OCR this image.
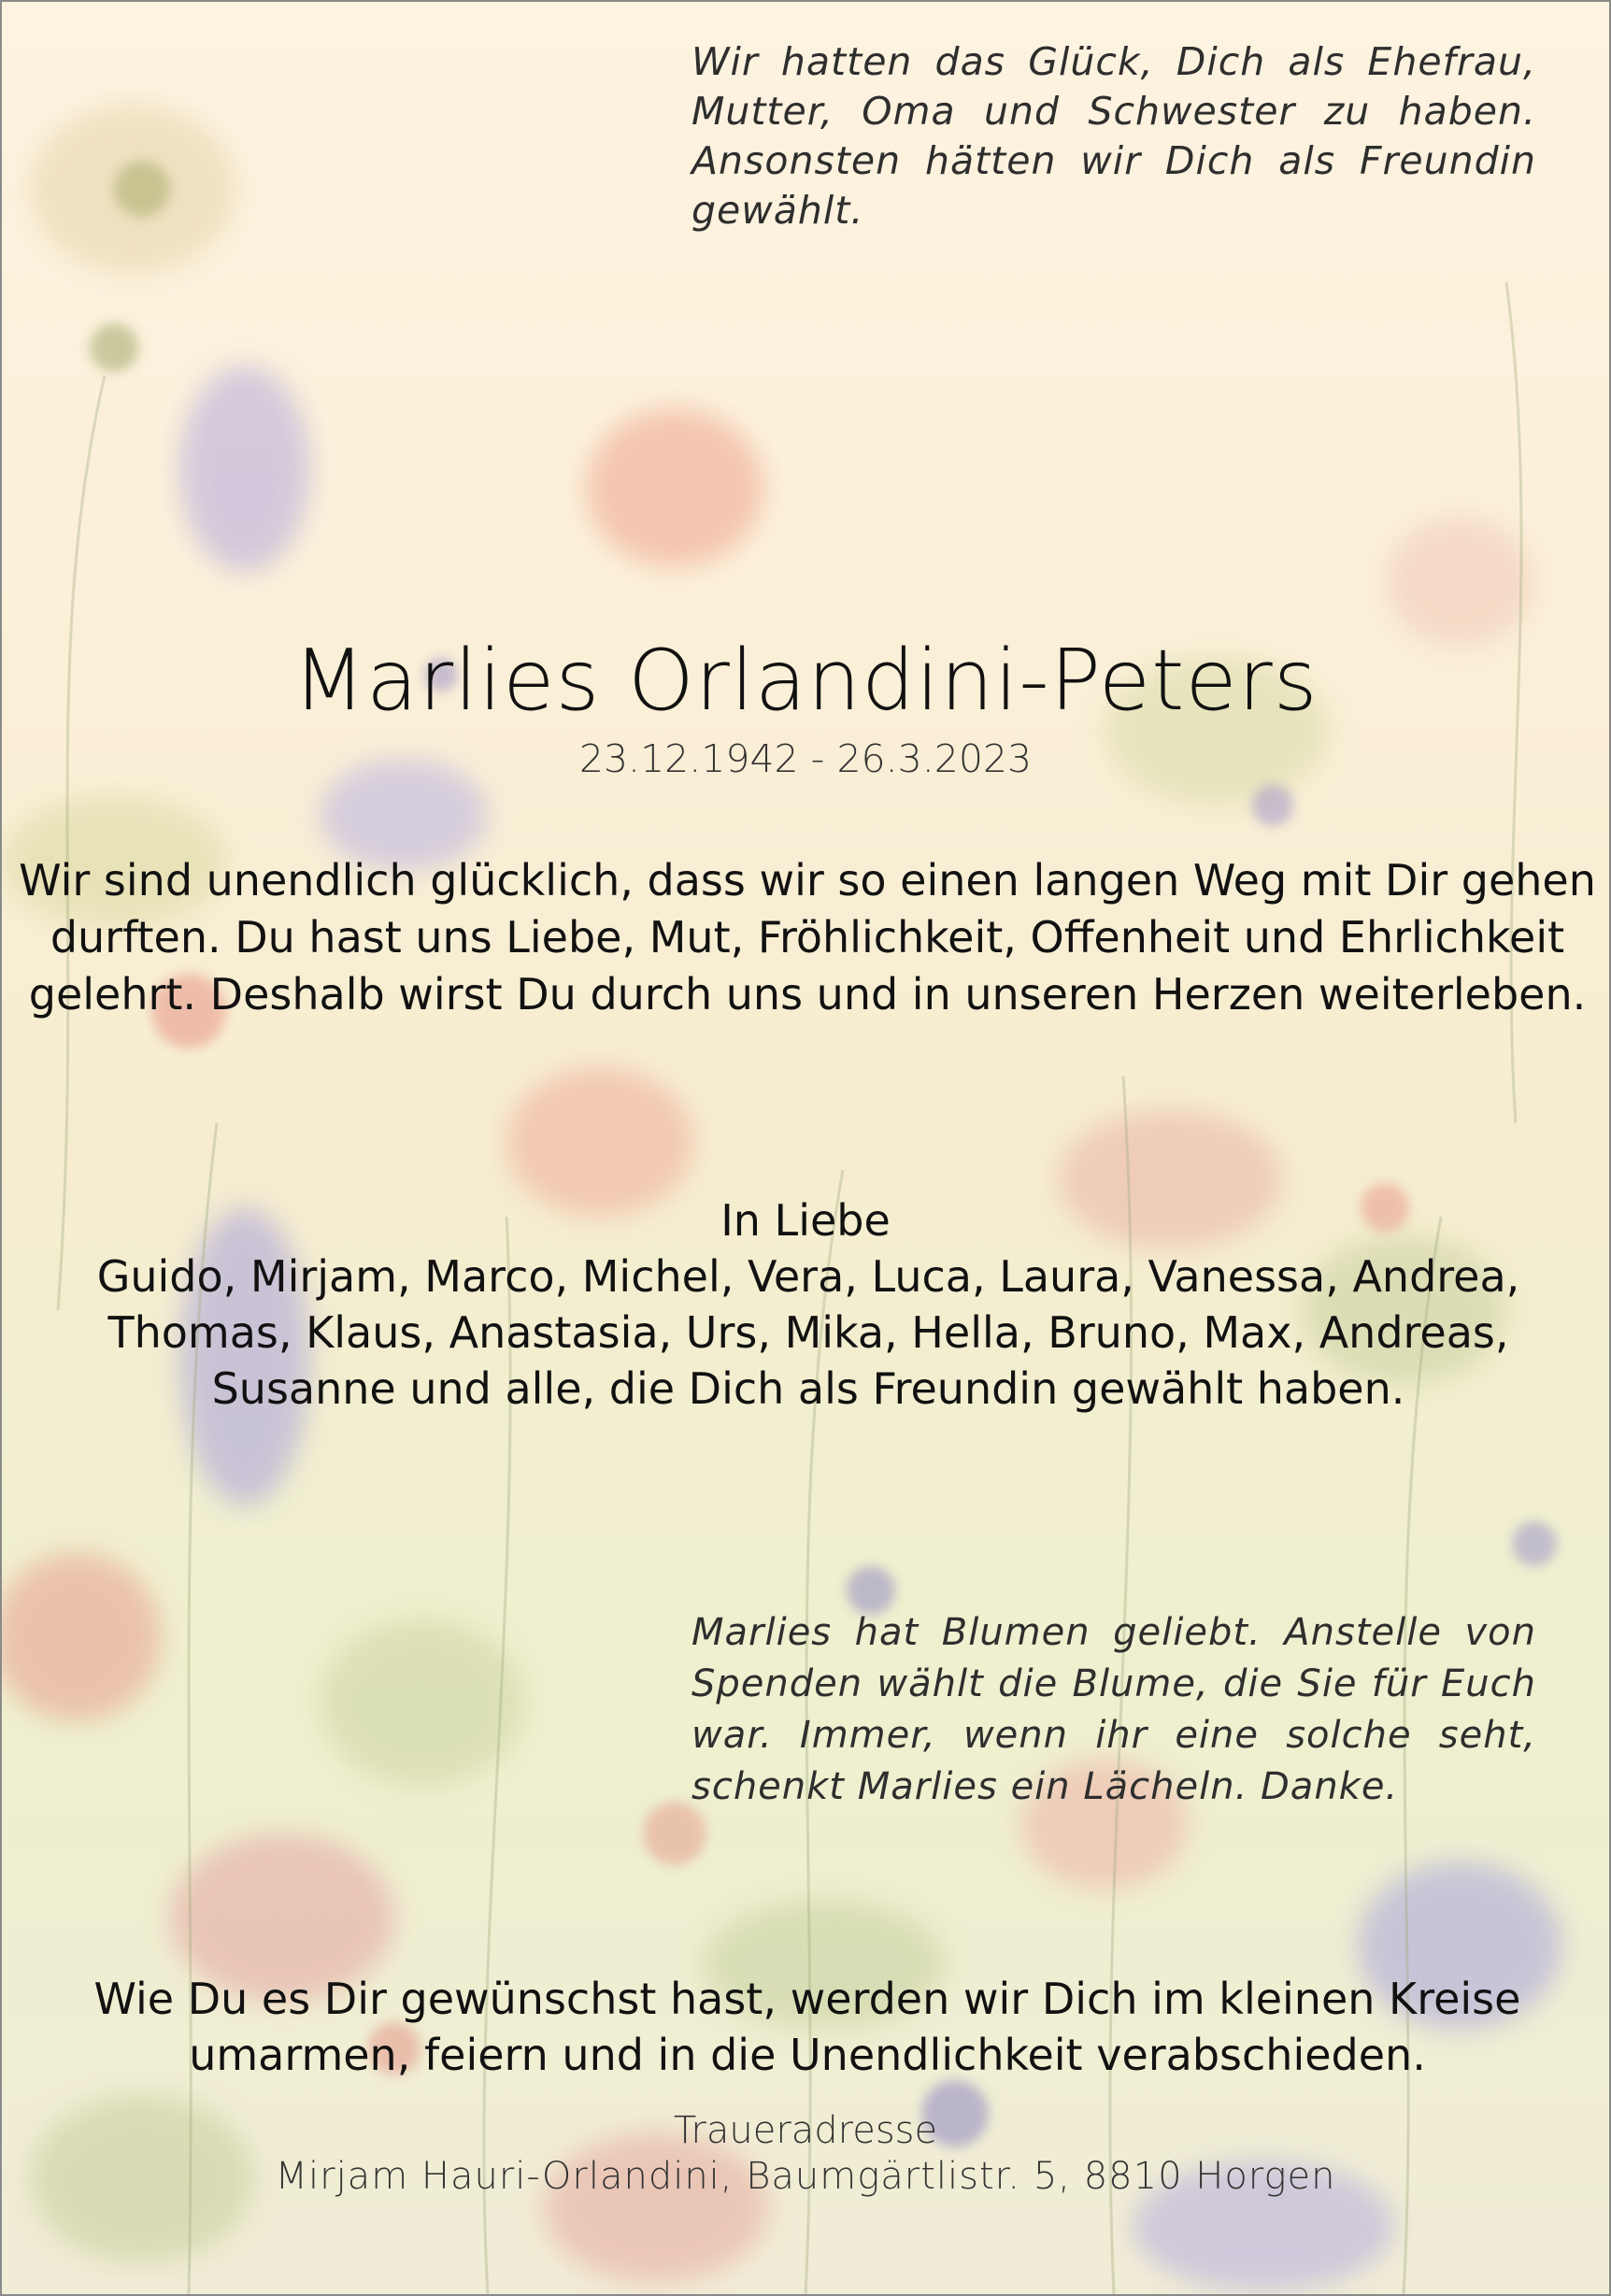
Wir hatten das Glück, Dich als Ehefrau, Mutter, Oma und Schwester zu haben. Ansonsten hätten wir Dich als Freundin gewählt.
Marlies Orlandini-Peters
23.12.1942 - 26.3.2023
Wir sind unendlich glücklich, dass wir so einen langen Weg mit Dir gehen durften. Du hast uns Liebe, Mut, Fröhlichkeit, Offenheit und Ehrlichkeit gelehrt. Deshalb wirst Du durch uns und in unseren Herzen weiterleben.
In Liebe
Guido, Mirjam, Marco, Michel, Vera, Luca, Laura, Vanessa, Andrea, Thomas, Klaus, Anastasia, Urs, Mika, Hella, Bruno, Max, Andreas, Susanne und alle, die Dich als Freundin gewählt haben.
Marlies hat Blumen geliebt. Anstelle von Spenden wählt die Blume, die Sie für Euch war. Immer, wenn ihr eine solche seht, schenkt Marlies ein Lächeln. Danke.
Wie Du es Dir gewünschst hast, werden wir Dich im kleinen Kreise umarmen, feiern und in die Unendlichkeit verabschieden.
Traueradresse
Mirjam Hauri-Orlandini, Baumgärtlistr. 5, 8810 Horgen
